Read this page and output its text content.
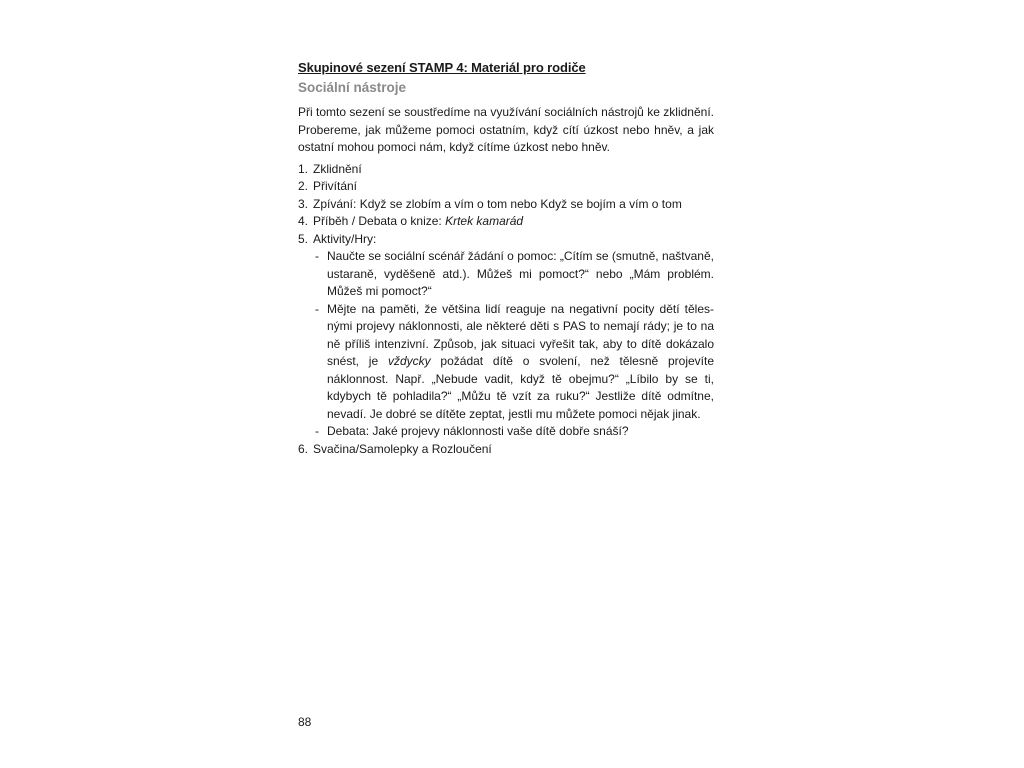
Skupinové sezení STAMP 4: Materiál pro rodiče
Sociální nástroje

Při tomto sezení se soustředíme na využívání sociálních nástrojů ke zklidnění. Probereme, jak můžeme pomoci ostatním, když cítí úzkost nebo hněv, a jak ostatní mohou pomoci nám, když cítíme úzkost nebo hněv.

1. Zklidnění
2. Přivítání
3. Zpívání: Když se zlobím a vím o tom nebo Když se bojím a vím o tom
4. Příběh / Debata o knize: Krtek kamarád
5. Aktivity/Hry:
- Naučte se sociální scénář žádání o pomoc: „Cítím se (smutně, naštvaně, ustaraně, vyděšeně atd.). Můžeš mi pomoct?“ nebo „Mám problém. Můžeš mi pomoct?“
- Mějte na paměti, že většina lidí reaguje na negativní pocity dětí tělesnými projevy náklonnosti, ale některé děti s PAS to nemají rády; je to na ně příliš intenzivní. Způsob, jak situaci vyřešit tak, aby to dítě dokázalo snést, je vždycky požádat dítě o svolení, než tělesně projevíte náklonnost. Např. „Nebude vadit, když tě obejmu?“ „Líbilo by se ti, kdybych tě pohladila?“ „Můžu tě vzít za ruku?“ Jestliže dítě odmítne, nevadí. Je dobré se dítěte zeptat, jestli mu můžete pomoci nějak jinak.
- Debata: Jaké projevy náklonnosti vaše dítě dobře snáší?
6. Svačina/Samolepky a Rozloučení
88
